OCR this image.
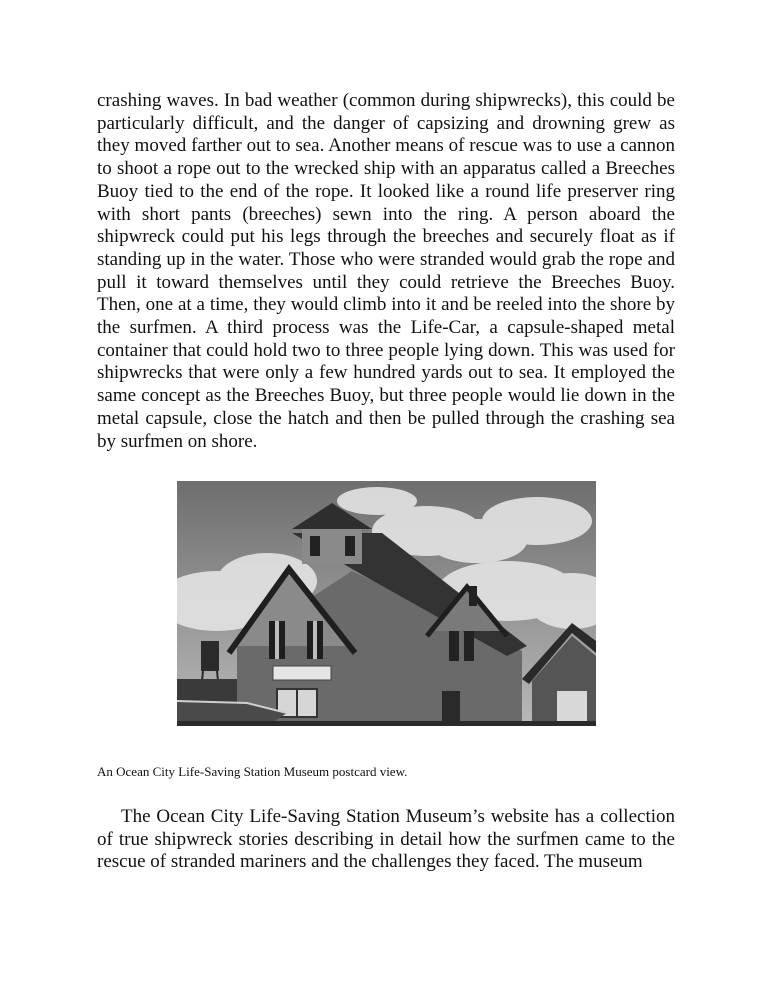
crashing waves. In bad weather (common during shipwrecks), this could be particularly difficult, and the danger of capsizing and drowning grew as they moved farther out to sea. Another means of rescue was to use a cannon to shoot a rope out to the wrecked ship with an apparatus called a Breeches Buoy tied to the end of the rope. It looked like a round life preserver ring with short pants (breeches) sewn into the ring. A person aboard the shipwreck could put his legs through the breeches and securely float as if standing up in the water. Those who were stranded would grab the rope and pull it toward themselves until they could retrieve the Breeches Buoy. Then, one at a time, they would climb into it and be reeled into the shore by the surfmen. A third process was the Life-Car, a capsule-shaped metal container that could hold two to three people lying down. This was used for shipwrecks that were only a few hundred yards out to sea. It employed the same concept as the Breeches Buoy, but three people would lie down in the metal capsule, close the hatch and then be pulled through the crashing sea by surfmen on shore.

An Ocean City Life-Saving Station Museum postcard view.

The Ocean City Life-Saving Station Museum’s website has a collection of true shipwreck stories describing in detail how the surfmen came to the rescue of stranded mariners and the challenges they faced. The museum
